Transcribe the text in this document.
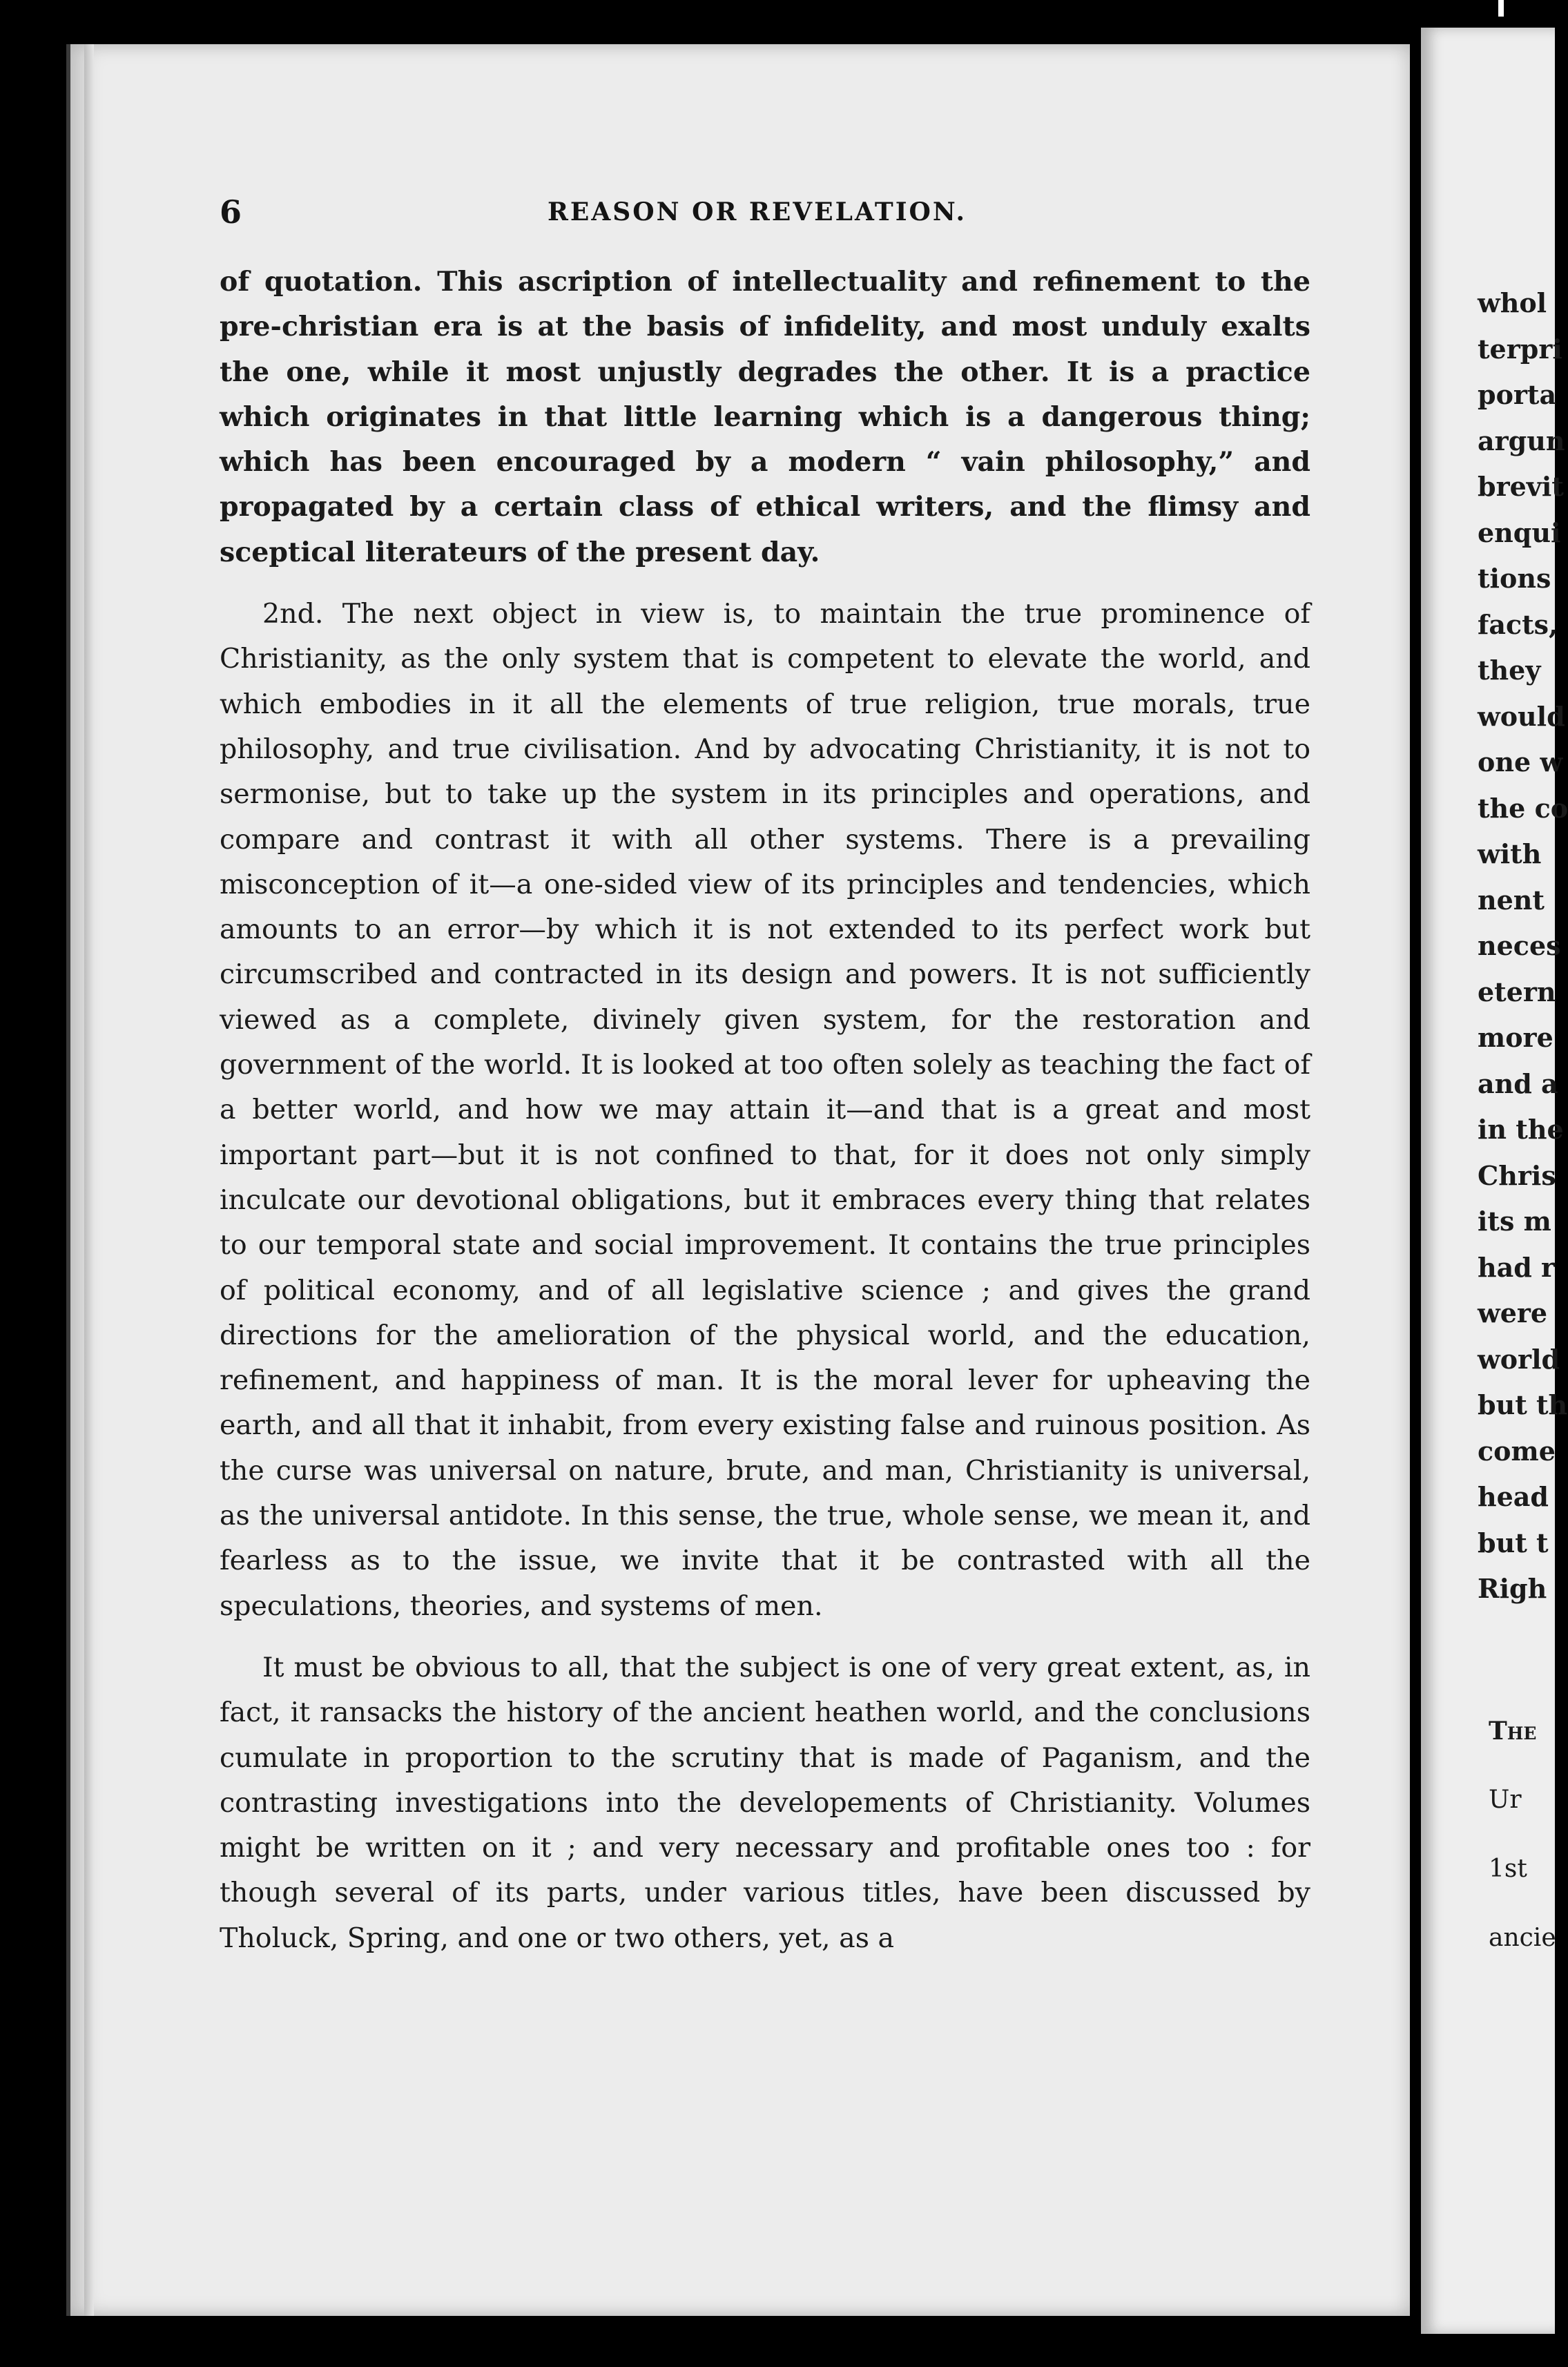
6	REASON OR REVELATION.

of quotation. This ascription of intellectuality and refinement to the pre-christian era is at the basis of infidelity, and most unduly exalts the one, while it most unjustly degrades the other. It is a practice which originates in that little learning which is a dangerous thing; which has been encouraged by a modern “ vain philosophy,” and propagated by a certain class of ethical writers, and the flimsy and sceptical literateurs of the present day.

2nd. The next object in view is, to maintain the true prominence of Christianity, as the only system that is competent to elevate the world, and which embodies in it all the elements of true religion, true morals, true philosophy, and true civilisation. And by advocating Christianity, it is not to sermonise, but to take up the system in its principles and operations, and compare and contrast it with all other systems. There is a prevailing misconception of it—a one-sided view of its principles and tendencies, which amounts to an error—by which it is not extended to its perfect work but circumscribed and contracted in its design and powers. It is not sufficiently viewed as a complete, divinely given system, for the restoration and government of the world. It is looked at too often solely as teaching the fact of a better world, and how we may attain it—and that is a great and most important part—but it is not confined to that, for it does not only simply inculcate our devotional obligations, but it embraces every thing that relates to our temporal state and social improvement. It contains the true principles of political economy, and of all legislative science ; and gives the grand directions for the amelioration of the physical world, and the education, refinement, and happiness of man. It is the moral lever for upheaving the earth, and all that it inhabit, from every existing false and ruinous position. As the curse was universal on nature, brute, and man, Christianity is universal, as the universal antidote. In this sense, the true, whole sense, we mean it, and fearless as to the issue, we invite that it be contrasted with all the speculations, theories, and systems of men.

It must be obvious to all, that the subject is one of very great extent, as, in fact, it ransacks the history of the ancient heathen world, and the conclusions cumulate in proportion to the scrutiny that is made of Paganism, and the contrasting investigations into the developements of Christianity. Volumes might be written on it ; and very necessary and profitable ones too : for though several of its parts, under various titles, have been discussed by Tholuck, Spring, and one or two others, yet, as a

whol
terpri
porta
argun
brevit
enqui
tions
facts,
they
would
one w
the co
with
nent
neces
etern
more
and a
in the
Chris
its m
had r
were
world
but th
come
head
but t
Righ
The
Ur
1st
ancie
